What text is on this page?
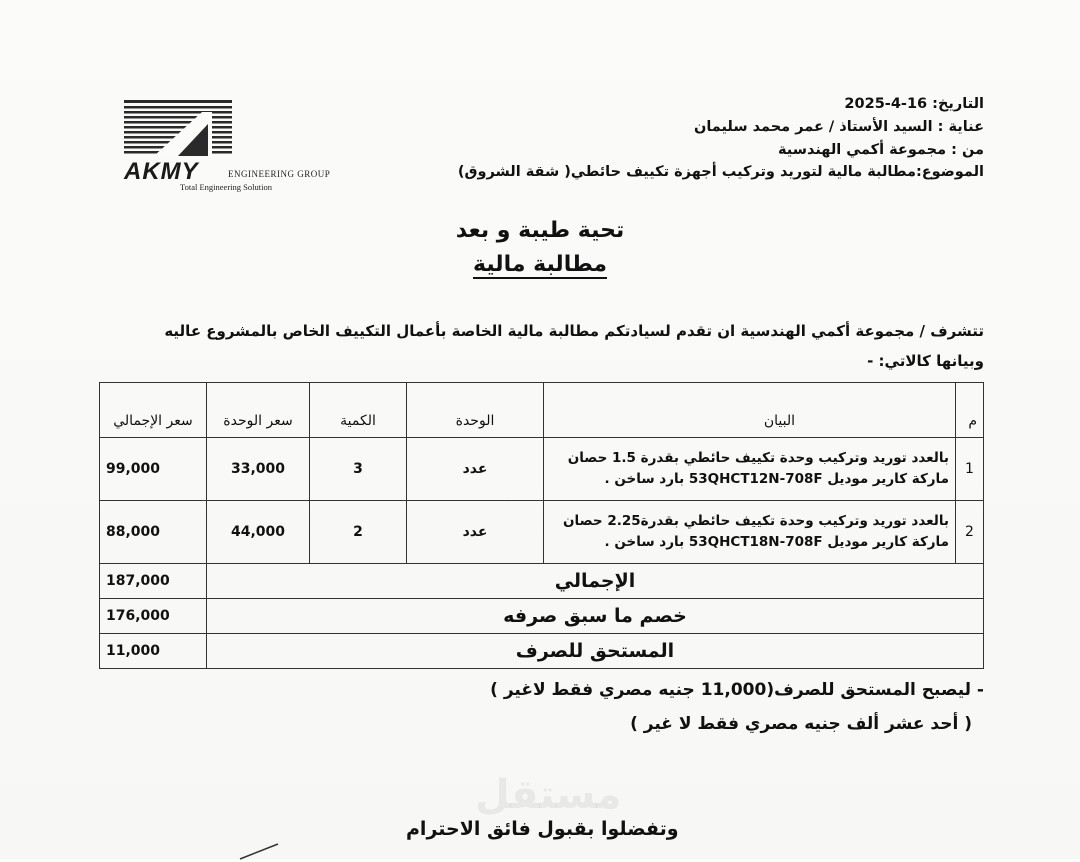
AKMY	ENGINEERING GROUP
Total Engineering Solution
التاريخ: 16-4-2025
عناية : السيد الأستاذ / عمر محمد سليمان
من : مجموعة أكمي الهندسية
الموضوع:مطالبة مالية لتوريد وتركيب أجهزة تكييف حائطي( شقة الشروق)
تحية طيبة و بعد
مطالبة مالية
تتشرف / مجموعة أكمي الهندسية ان تقدم لسيادتكم مطالبة مالية الخاصة بأعمال التكييف الخاص بالمشروع عاليه
وبيانها كالاتي: -
م	البيان	الوحدة	الكمية	سعر الوحدة	سعر الإجمالي
1	بالعدد توريد وتركيب وحدة تكييف حائطي بقدرة 1.5 حصان
ماركة كارير موديل 53QHCT12N-708F بارد ساخن .	عدد	3	33,000	99,000
2	بالعدد توريد وتركيب وحدة تكييف حائطي بقدرة2.25 حصان
ماركة كارير موديل 53QHCT18N-708F بارد ساخن .	عدد	2	44,000	88,000
الإجمالي					187,000
خصم ما سبق صرفه					176,000
المستحق للصرف					11,000
- ليصبح المستحق للصرف(11,000 جنيه مصري فقط لاغير )
( أحد عشر ألف جنيه مصري فقط لا غير )
مستقل
وتفضلوا بقبول فائق الاحترام
